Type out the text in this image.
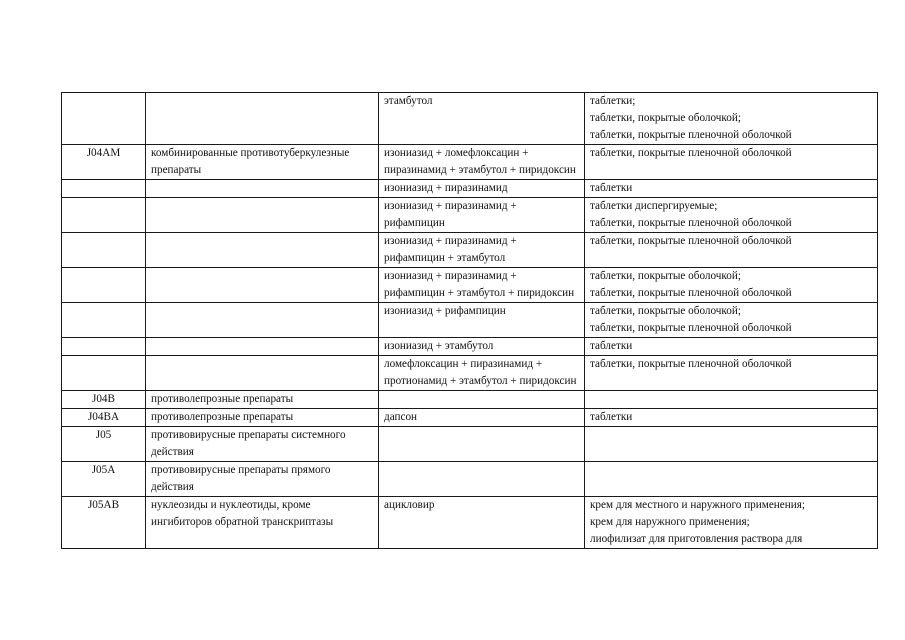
		этамбутол	таблетки;
таблетки, покрытые оболочкой;
таблетки, покрытые пленочной оболочкой

J04AM	комбинированные противотуберкулезные препараты	изониазид + ломефлоксацин + пиразинамид + этамбутол + пиридоксин	таблетки, покрытые пленочной оболочкой

		изониазид + пиразинамид	таблетки

		изониазид + пиразинамид + рифампицин	таблетки диспергируемые;
таблетки, покрытые пленочной оболочкой

		изониазид + пиразинамид + рифампицин + этамбутол	таблетки, покрытые пленочной оболочкой

		изониазид + пиразинамид + рифампицин + этамбутол + пиридоксин	таблетки, покрытые оболочкой;
таблетки, покрытые пленочной оболочкой

		изониазид + рифампицин	таблетки, покрытые оболочкой;
таблетки, покрытые пленочной оболочкой

		изониазид + этамбутол	таблетки

		ломефлоксацин + пиразинамид + протионамид + этамбутол + пиридоксин	таблетки, покрытые пленочной оболочкой

J04B	противолепрозные препараты		

J04BA	противолепрозные препараты	дапсон	таблетки

J05	противовирусные препараты системного действия		

J05A	противовирусные препараты прямого действия		

J05AB	нуклеозиды и нуклеотиды, кроме ингибиторов обратной транскриптазы	ацикловир	крем для местного и наружного применения;
крем для наружного применения;
лиофилизат для приготовления раствора для
